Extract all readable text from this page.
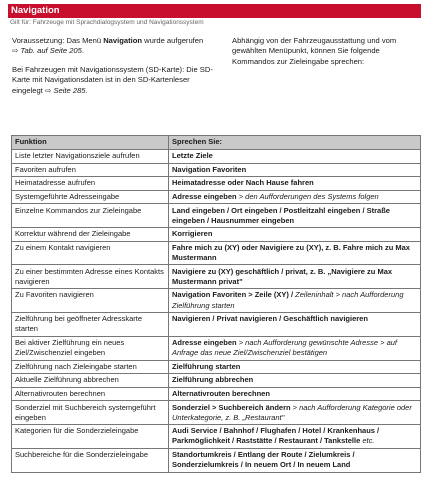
Navigation
Gilt für: Fahrzeuge mit Sprachdialogsystem und Navigationssystem

Voraussetzung: Das Menü Navigation wurde aufgerufen ⇨ Tab. auf Seite 205.

Bei Fahrzeugen mit Navigationssystem (SD-Karte): Die SD-Karte mit Navigationsdaten ist in den SD-Kartenleser eingelegt ⇨ Seite 285.

Abhängig von der Fahrzeugausstattung und vom gewählten Menüpunkt, können Sie folgende Kommandos zur Zieleingabe sprechen:

Funktion	Sprechen Sie:
Liste letzter Navigationsziele aufrufen	Letzte Ziele
Favoriten aufrufen	Navigation Favoriten
Heimatadresse aufrufen	Heimatadresse oder Nach Hause fahren
Systemgeführte Adresseingabe	Adresse eingeben > den Aufforderungen des Systems folgen
Einzelne Kommandos zur Zieleingabe	Land eingeben / Ort eingeben / Postleitzahl eingeben / Straße eingeben / Hausnummer eingeben
Korrektur während der Zieleingabe	Korrigieren
Zu einem Kontakt navigieren	Fahre mich zu (XY) oder Navigiere zu (XY), z. B. Fahre mich zu Max Mustermann
Zu einer bestimmten Adresse eines Kontakts navigieren	Navigiere zu (XY) geschäftlich / privat, z. B. „Navigiere zu Max Mustermann privat"
Zu Favoriten navigieren	Navigation Favoriten > Zeile (XY) / Zeileninhalt > nach Aufforderung Zielführung starten
Zielführung bei geöffneter Adresskarte starten	Navigieren / Privat navigieren / Geschäftlich navigieren
Bei aktiver Zielführung ein neues Ziel/Zwischenziel eingeben	Adresse eingeben > nach Aufforderung gewünschte Adresse > auf Anfrage das neue Ziel/Zwischenziel bestätigen
Zielführung nach Zieleingabe starten	Zielführung starten
Aktuelle Zielführung abbrechen	Zielführung abbrechen
Alternativrouten berechnen	Alternativrouten berechnen
Sonderziel mit Suchbereich systemgeführt eingeben	Sonderziel > Suchbereich ändern > nach Aufforderung Kategorie oder Unterkategorie, z. B. „Restaurant"
Kategorien für die Sonderzieleingabe	Audi Service / Bahnhof / Flughafen / Hotel / Krankenhaus / Parkmöglichkeit / Raststätte / Restaurant / Tankstelle etc.
Suchbereiche für die Sonderzieleingabe	Standortumkreis / Entlang der Route / Zielumkreis / Sonderzielumkreis / In neuem Ort / In neuem Land
